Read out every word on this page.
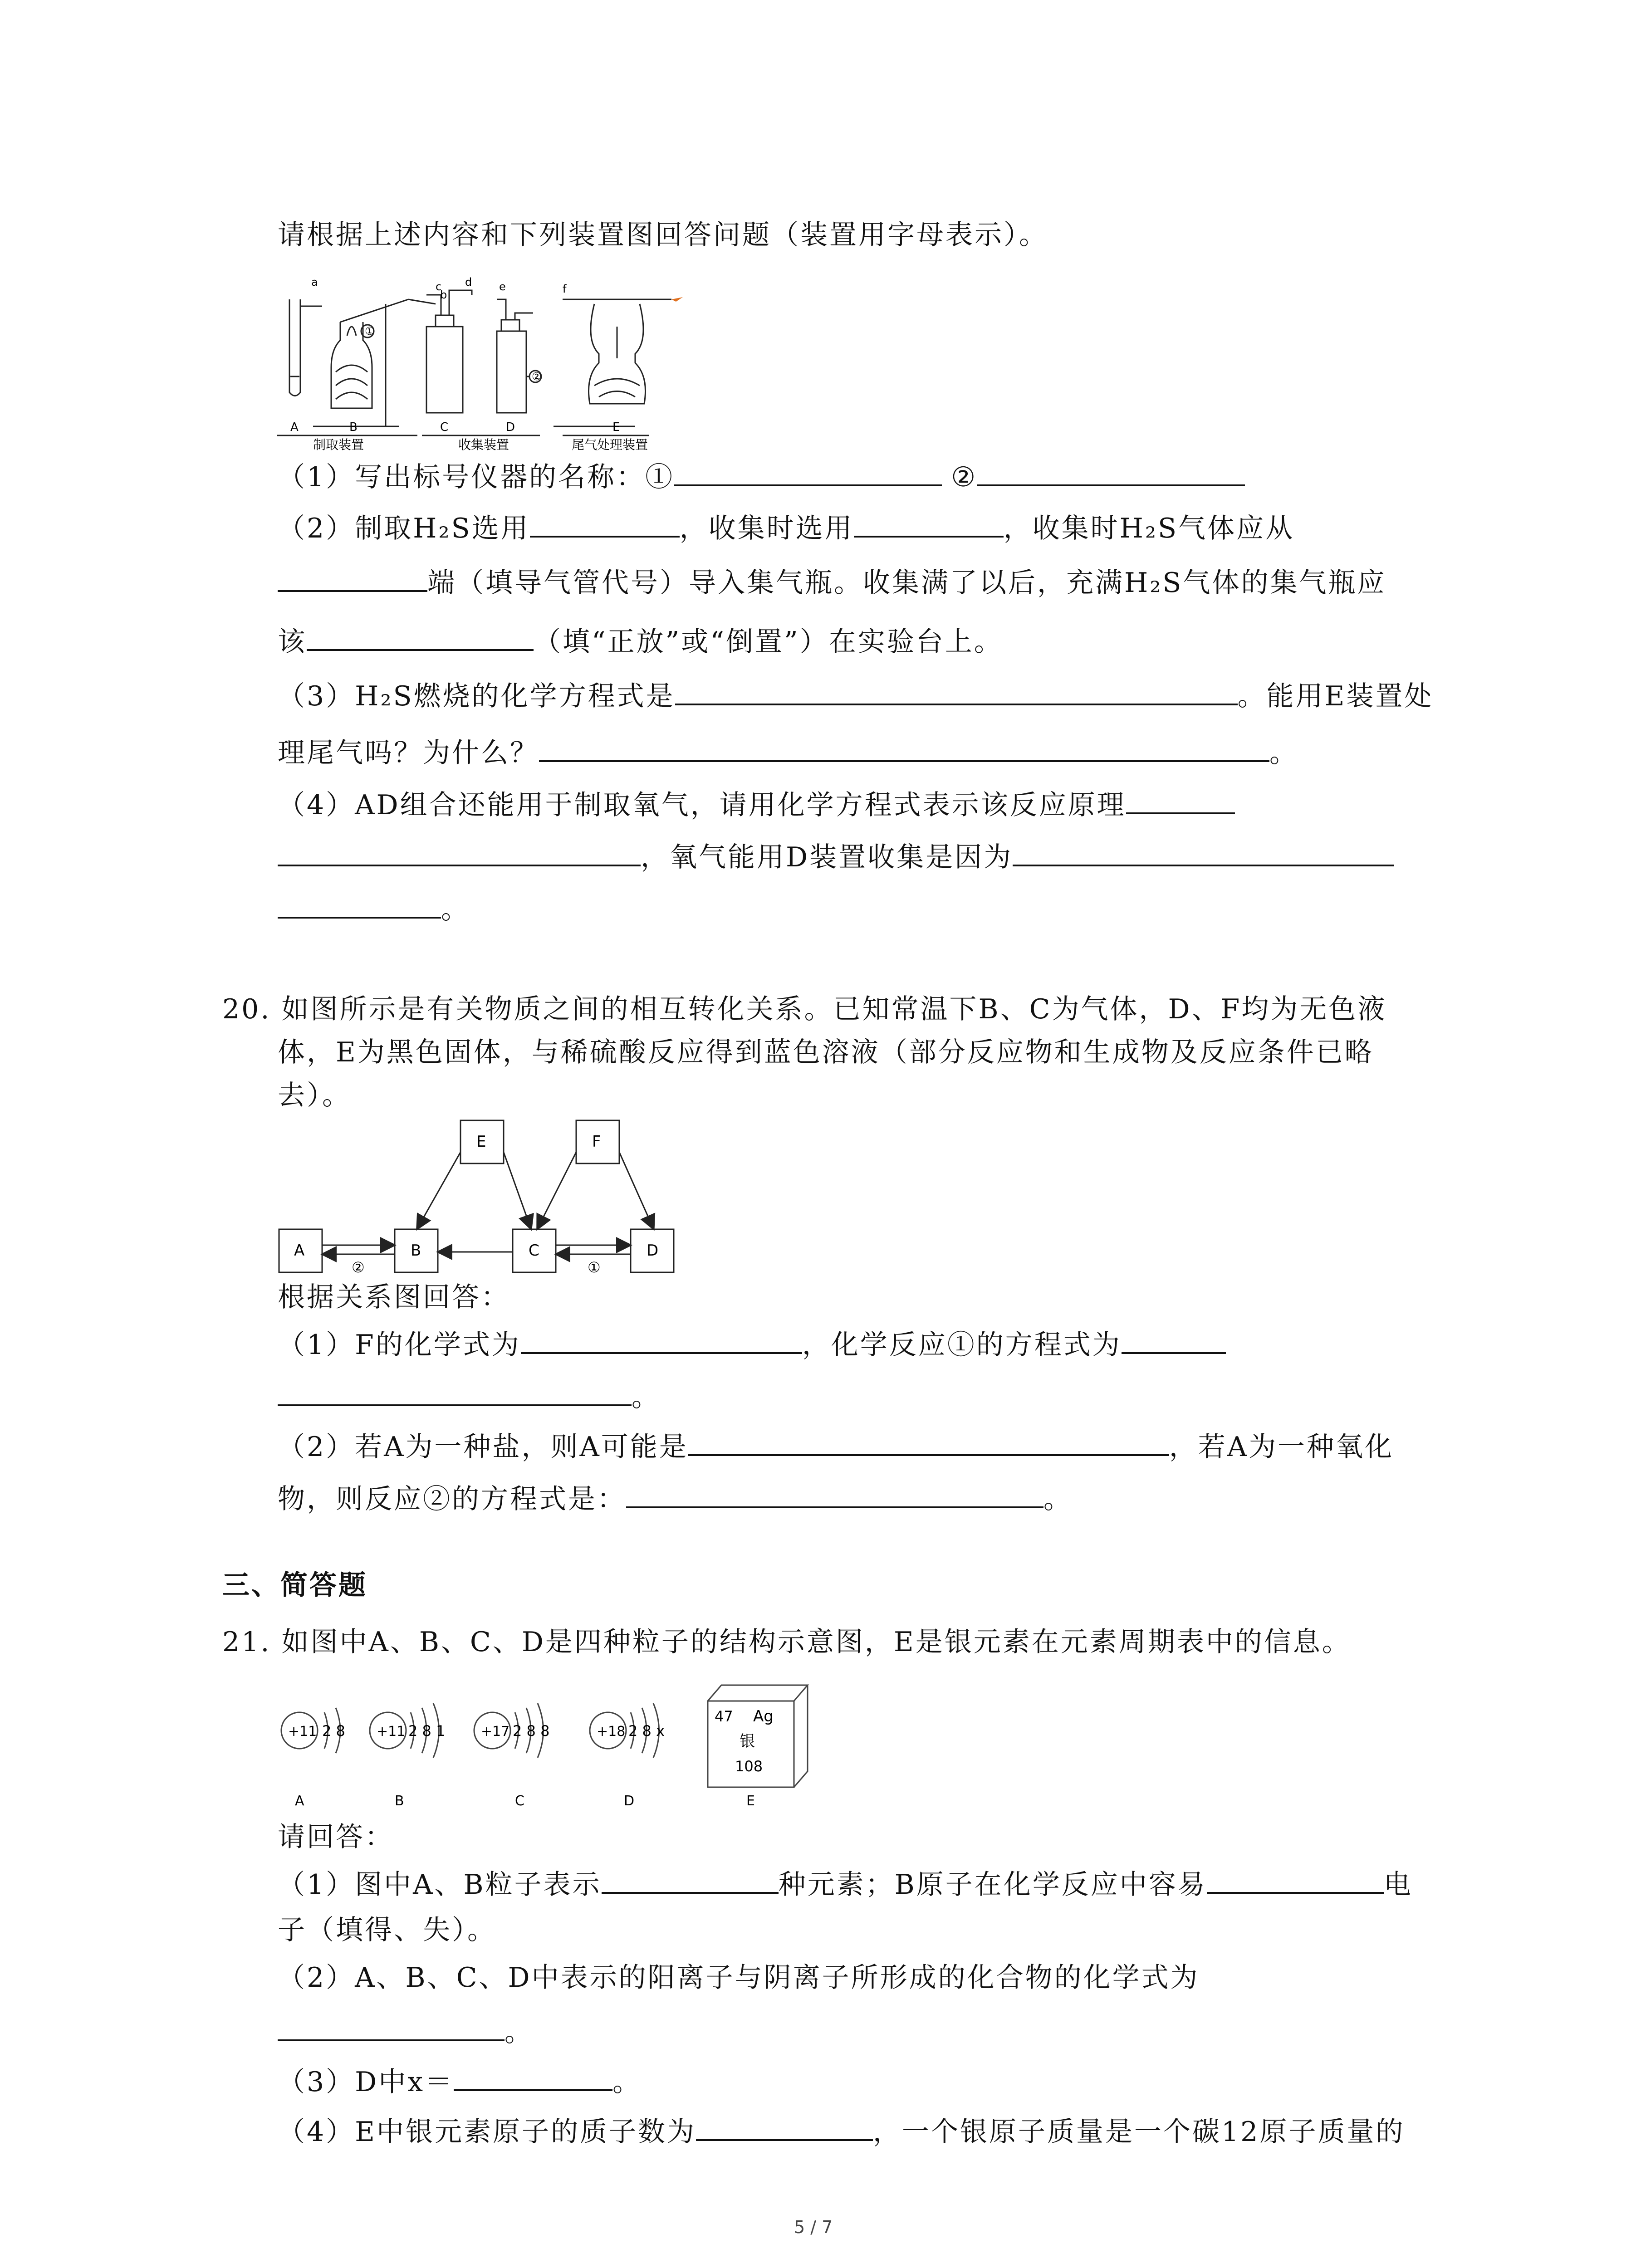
请根据上述内容和下列装置图回答问题（装置用字母表示）。
a
b
c d e	f
①
②
A	B	C	D	E
制取装置	收集装置	尾气处理装置
（1）写出标号仪器的名称：①	②
（2）制取H₂S选用	，收集时选用	，收集时H₂S气体应从
端（填导气管代号）导入集气瓶。收集满了以后，充满H₂S气体的集气瓶应
该	（填“正放”或“倒置”）在实验台上。
（3）H₂S燃烧的化学方程式是	。能用E装置处
理尾气吗？为什么？	。
（4）AD组合还能用于制取氧气，请用化学方程式表示该反应原理
，氧气能用D装置收集是因为
。
20. 如图所示是有关物质之间的相互转化关系。已知常温下B、C为气体，D、F均为无色液
体，E为黑色固体，与稀硫酸反应得到蓝色溶液（部分反应物和生成物及反应条件已略
去）。
E	F
A	B	C	D
②	①
根据关系图回答：
（1）F的化学式为	，化学反应①的方程式为
。
（2）若A为一种盐，则A可能是	，若A为一种氧化
物，则反应②的方程式是：	。
三、简答题
21. 如图中A、B、C、D是四种粒子的结构示意图，E是银元素在元素周期表中的信息。
+11 2 8
A
+11 2 8 1
B
+17 2 8 8
C
+18 2 8 x
D
47 Ag
银
108
E
请回答：
（1）图中A、B粒子表示	种元素；B原子在化学反应中容易	电
子（填得、失）。
（2）A、B、C、D中表示的阳离子与阴离子所形成的化合物的化学式为
。
（3）D中x＝	。
（4）E中银元素原子的质子数为	，一个银原子质量是一个碳12原子质量的
5 / 7
